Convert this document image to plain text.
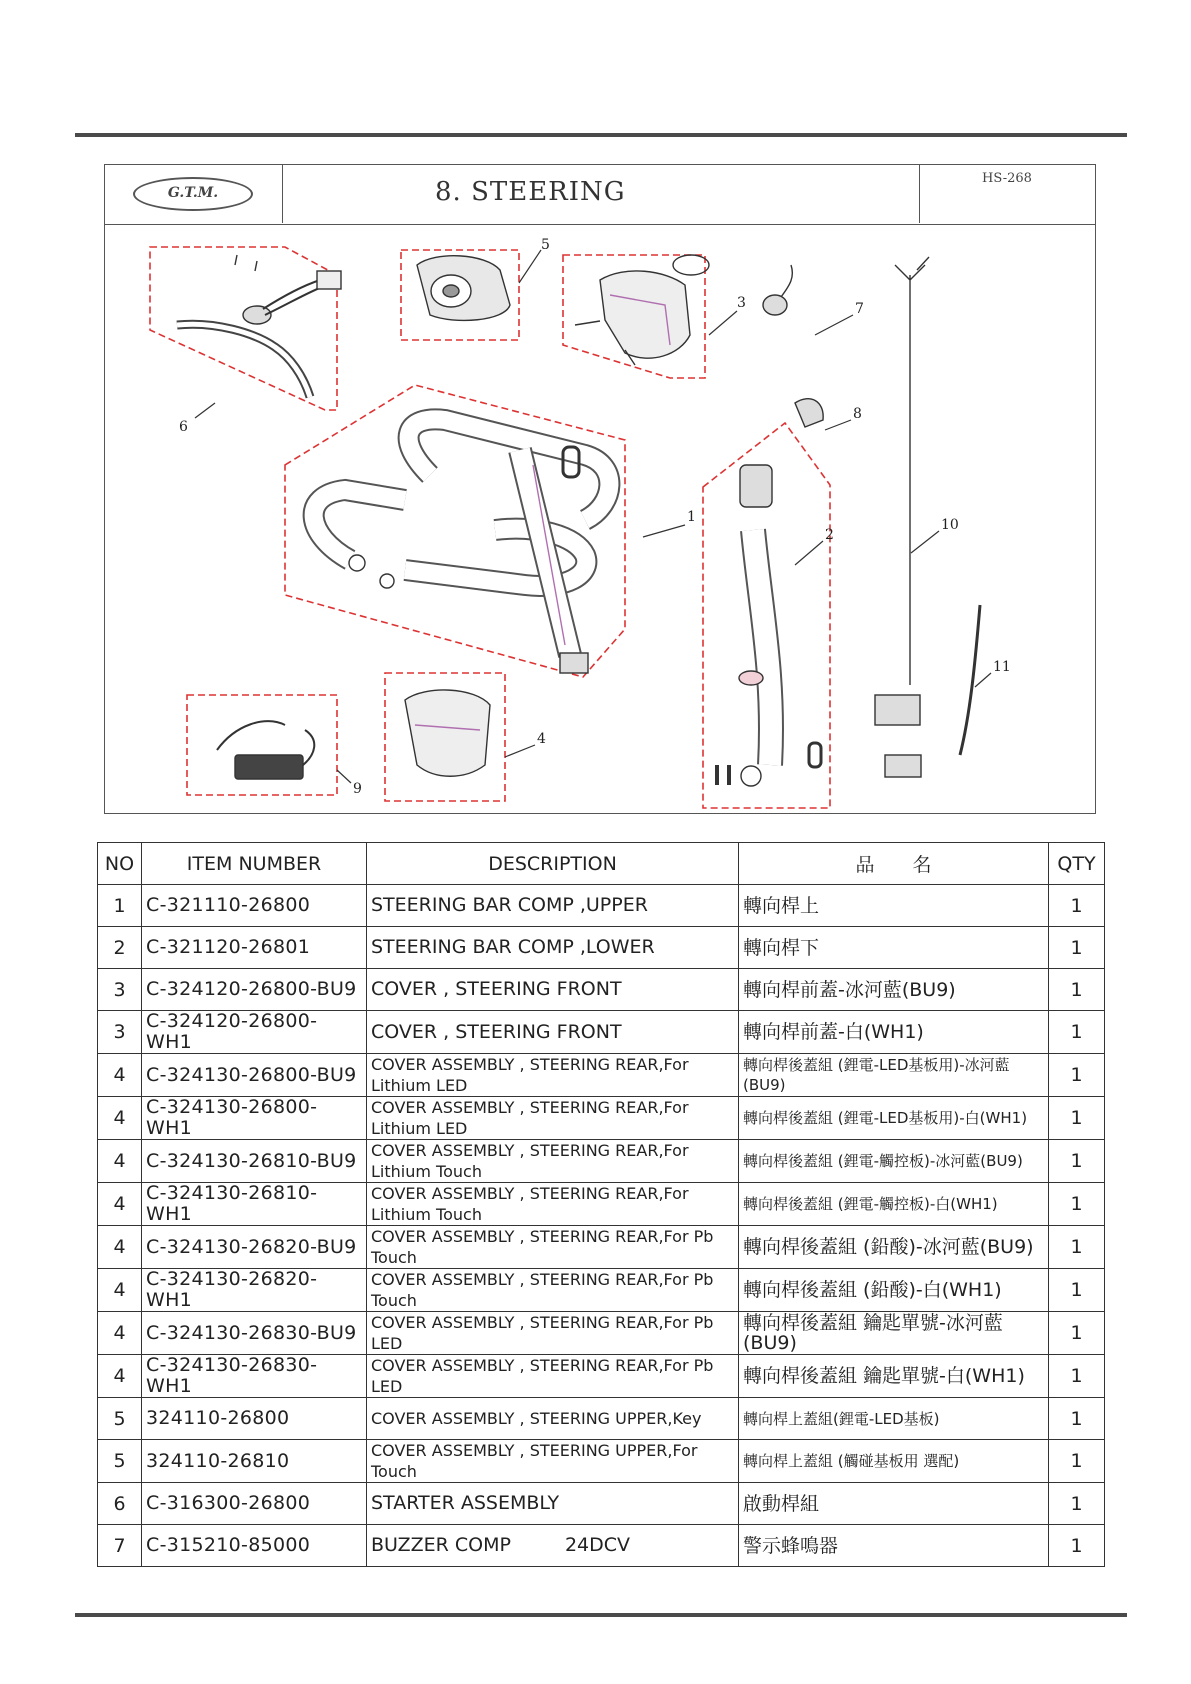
G.T.M.	8. STEERING	HS-268
1
2
3
4
5
6
7
8
9
10
11
NO	ITEM NUMBER	DESCRIPTION	品　　名	QTY
1	C-321110-26800	STEERING BAR COMP ,UPPER	轉向桿上	1
2	C-321120-26801	STEERING BAR COMP ,LOWER	轉向桿下	1
3	C-324120-26800-BU9	COVER , STEERING FRONT	轉向桿前蓋-冰河藍(BU9)	1
3	C-324120-26800-WH1	COVER , STEERING FRONT	轉向桿前蓋-白(WH1)	1
4	C-324130-26800-BU9	COVER ASSEMBLY , STEERING REAR,For Lithium LED	轉向桿後蓋組 (鋰電-LED基板用)-冰河藍(BU9)	1
4	C-324130-26800-WH1	COVER ASSEMBLY , STEERING REAR,For Lithium LED	轉向桿後蓋組 (鋰電-LED基板用)-白(WH1)	1
4	C-324130-26810-BU9	COVER ASSEMBLY , STEERING REAR,For Lithium Touch	轉向桿後蓋組 (鋰電-觸控板)-冰河藍(BU9)	1
4	C-324130-26810-WH1	COVER ASSEMBLY , STEERING REAR,For Lithium Touch	轉向桿後蓋組 (鋰電-觸控板)-白(WH1)	1
4	C-324130-26820-BU9	COVER ASSEMBLY , STEERING REAR,For Pb Touch	轉向桿後蓋組 (鉛酸)-冰河藍(BU9)	1
4	C-324130-26820-WH1	COVER ASSEMBLY , STEERING REAR,For Pb Touch	轉向桿後蓋組 (鉛酸)-白(WH1)	1
4	C-324130-26830-BU9	COVER ASSEMBLY , STEERING REAR,For Pb LED	轉向桿後蓋組 鑰匙單號-冰河藍(BU9)	1
4	C-324130-26830-WH1	COVER ASSEMBLY , STEERING REAR,For Pb LED	轉向桿後蓋組 鑰匙單號-白(WH1)	1
5	324110-26800	COVER ASSEMBLY , STEERING UPPER,Key	轉向桿上蓋組(鋰電-LED基板)	1
5	324110-26810	COVER ASSEMBLY , STEERING UPPER,For Touch	轉向桿上蓋組 (觸碰基板用 選配)	1
6	C-316300-26800	STARTER ASSEMBLY	啟動桿組	1
7	C-315210-85000	BUZZER COMP 24DCV	警示蜂鳴器	1
